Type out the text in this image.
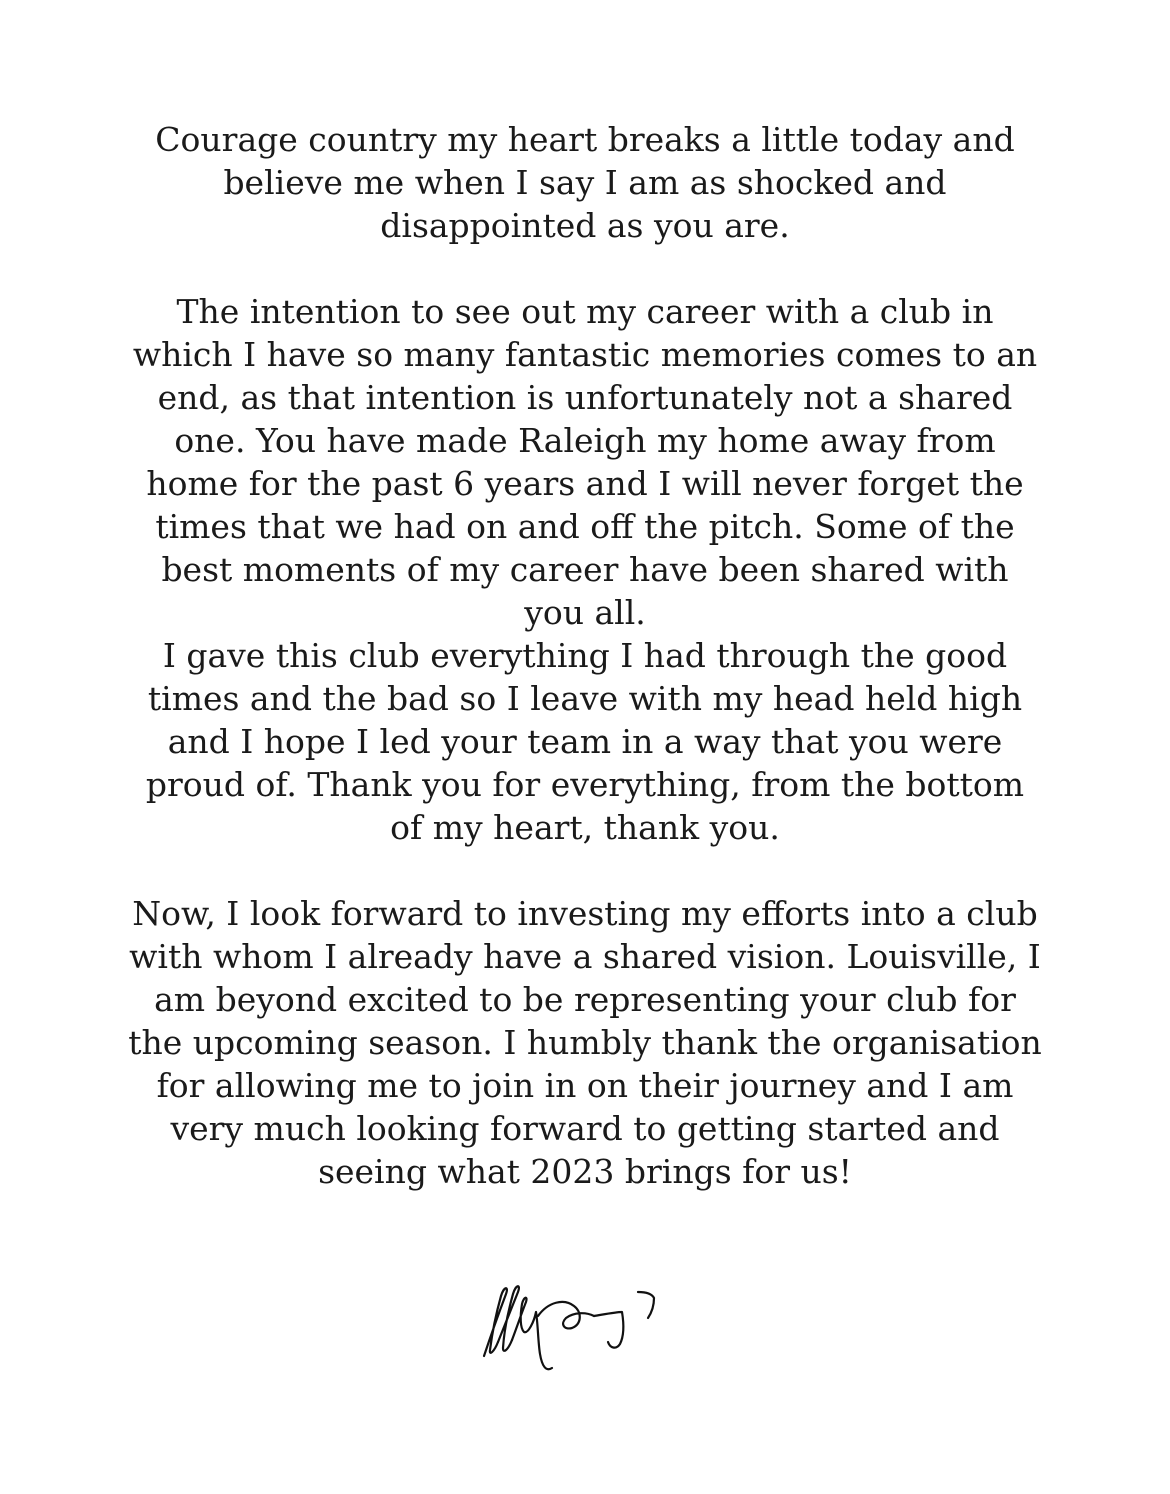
Courage country my heart breaks a little today and
believe me when I say I am as shocked and
disappointed as you are.

The intention to see out my career with a club in
which I have so many fantastic memories comes to an
end, as that intention is unfortunately not a shared
one. You have made Raleigh my home away from
home for the past 6 years and I will never forget the
times that we had on and off the pitch. Some of the
best moments of my career have been shared with
you all.

I gave this club everything I had through the good
times and the bad so I leave with my head held high
and I hope I led your team in a way that you were
proud of. Thank you for everything, from the bottom
of my heart, thank you.

Now, I look forward to investing my efforts into a club
with whom I already have a shared vision. Louisville, I
am beyond excited to be representing your club for
the upcoming season. I humbly thank the organisation
for allowing me to join in on their journey and I am
very much looking forward to getting started and
seeing what 2023 brings for us!
